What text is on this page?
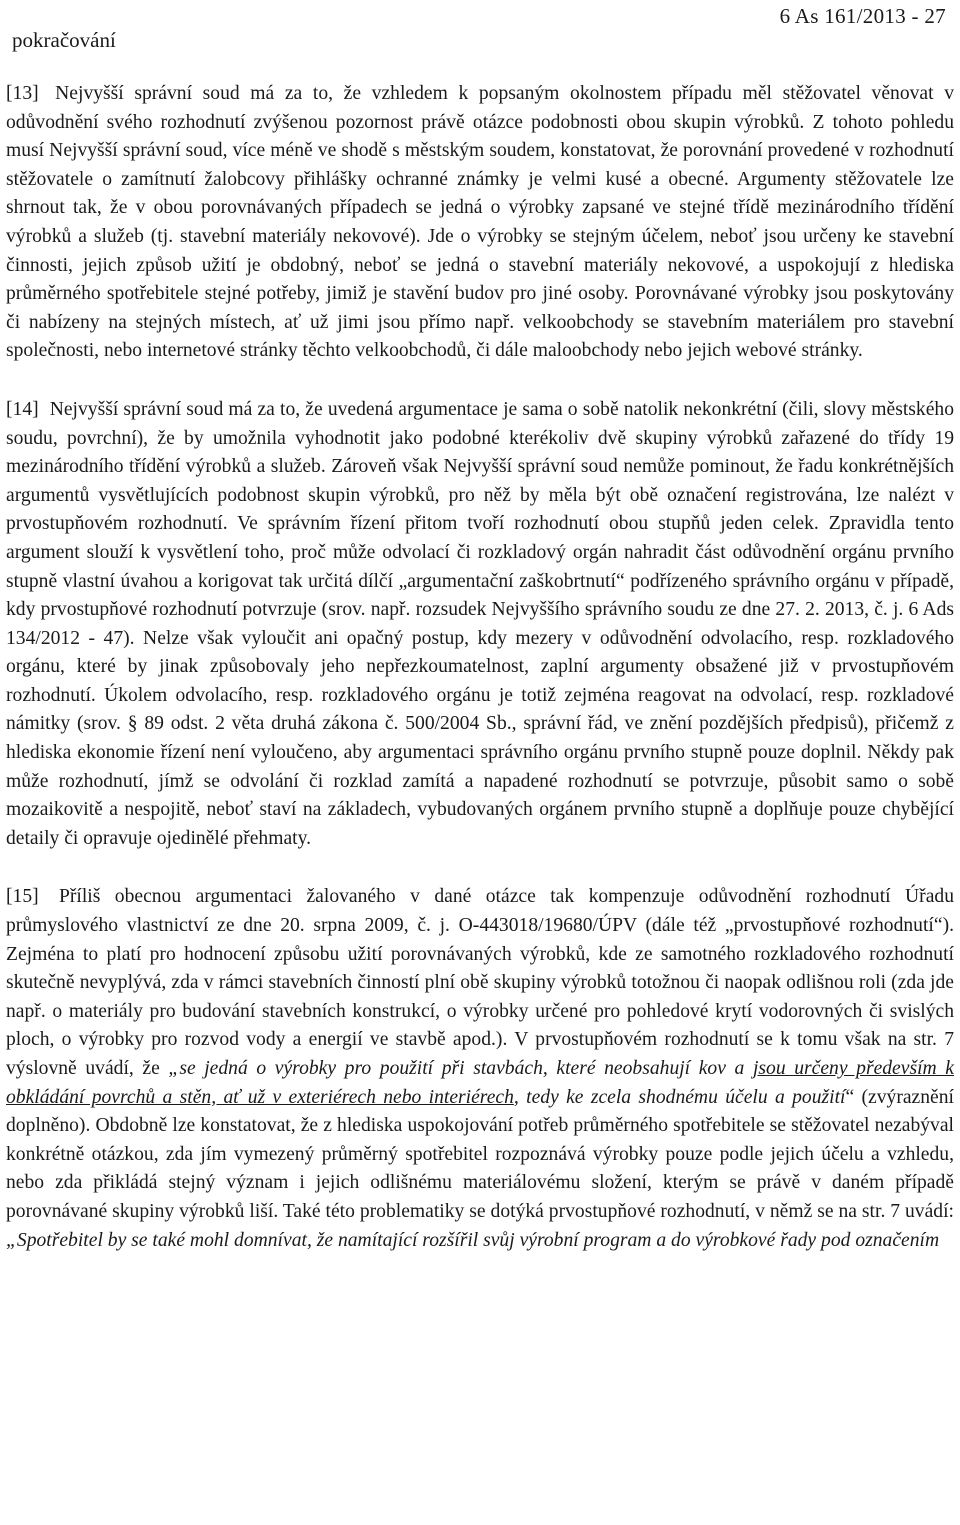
pokračování
6 As 161/2013 - 27

[13] Nejvyšší správní soud má za to, že vzhledem k popsaným okolnostem případu měl stěžovatel věnovat v odůvodnění svého rozhodnutí zvýšenou pozornost právě otázce podobnosti obou skupin výrobků. Z tohoto pohledu musí Nejvyšší správní soud, více méně ve shodě s městským soudem, konstatovat, že porovnání provedené v rozhodnutí stěžovatele o zamítnutí žalobcovy přihlášky ochranné známky je velmi kusé a obecné. Argumenty stěžovatele lze shrnout tak, že v obou porovnávaných případech se jedná o výrobky zapsané ve stejné třídě mezinárodního třídění výrobků a služeb (tj. stavební materiály nekovové). Jde o výrobky se stejným účelem, neboť jsou určeny ke stavební činnosti, jejich způsob užití je obdobný, neboť se jedná o stavební materiály nekovové, a uspokojují z hlediska průměrného spotřebitele stejné potřeby, jimiž je stavění budov pro jiné osoby. Porovnávané výrobky jsou poskytovány či nabízeny na stejných místech, ať už jimi jsou přímo např. velkoobchody se stavebním materiálem pro stavební společnosti, nebo internetové stránky těchto velkoobchodů, či dále maloobchody nebo jejich webové stránky.

[14] Nejvyšší správní soud má za to, že uvedená argumentace je sama o sobě natolik nekonkrétní (čili, slovy městského soudu, povrchní), že by umožnila vyhodnotit jako podobné kterékoliv dvě skupiny výrobků zařazené do třídy 19 mezinárodního třídění výrobků a služeb. Zároveň však Nejvyšší správní soud nemůže pominout, že řadu konkrétnějších argumentů vysvětlujících podobnost skupin výrobků, pro něž by měla být obě označení registrována, lze nalézt v prvostupňovém rozhodnutí. Ve správním řízení přitom tvoří rozhodnutí obou stupňů jeden celek. Zpravidla tento argument slouží k vysvětlení toho, proč může odvolací či rozkladový orgán nahradit část odůvodnění orgánu prvního stupně vlastní úvahou a korigovat tak určitá dílčí „argumentační zaškobrtnutí“ podřízeného správního orgánu v případě, kdy prvostupňové rozhodnutí potvrzuje (srov. např. rozsudek Nejvyššího správního soudu ze dne 27. 2. 2013, č. j. 6 Ads 134/2012 - 47). Nelze však vyloučit ani opačný postup, kdy mezery v odůvodnění odvolacího, resp. rozkladového orgánu, které by jinak způsobovaly jeho nepřezkoumatelnost, zaplní argumenty obsažené již v prvostupňovém rozhodnutí. Úkolem odvolacího, resp. rozkladového orgánu je totiž zejména reagovat na odvolací, resp. rozkladové námitky (srov. § 89 odst. 2 věta druhá zákona č. 500/2004 Sb., správní řád, ve znění pozdějších předpisů), přičemž z hlediska ekonomie řízení není vyloučeno, aby argumentaci správního orgánu prvního stupně pouze doplnil. Někdy pak může rozhodnutí, jímž se odvolání či rozklad zamítá a napadené rozhodnutí se potvrzuje, působit samo o sobě mozaikovitě a nespojitě, neboť staví na základech, vybudovaných orgánem prvního stupně a doplňuje pouze chybějící detaily či opravuje ojedinělé přehmaty.

[15] Příliš obecnou argumentaci žalovaného v dané otázce tak kompenzuje odůvodnění rozhodnutí Úřadu průmyslového vlastnictví ze dne 20. srpna 2009, č. j. O-443018/19680/ÚPV (dále též „prvostupňové rozhodnutí“). Zejména to platí pro hodnocení způsobu užití porovnávaných výrobků, kde ze samotného rozkladového rozhodnutí skutečně nevyplývá, zda v rámci stavebních činností plní obě skupiny výrobků totožnou či naopak odlišnou roli (zda jde např. o materiály pro budování stavebních konstrukcí, o výrobky určené pro pohledové krytí vodorovných či svislých ploch, o výrobky pro rozvod vody a energií ve stavbě apod.). V prvostupňovém rozhodnutí se k tomu však na str. 7 výslovně uvádí, že „se jedná o výrobky pro použití při stavbách, které neobsahují kov a jsou určeny především k obkládání povrchů a stěn, ať už v exteriérech nebo interiérech, tedy ke zcela shodnému účelu a použití“ (zvýraznění doplněno). Obdobně lze konstatovat, že z hlediska uspokojování potřeb průměrného spotřebitele se stěžovatel nezabýval konkrétně otázkou, zda jím vymezený průměrný spotřebitel rozpoznává výrobky pouze podle jejich účelu a vzhledu, nebo zda přikládá stejný význam i jejich odlišnému materiálovému složení, kterým se právě v daném případě porovnávané skupiny výrobků liší. Také této problematiky se dotýká prvostupňové rozhodnutí, v němž se na str. 7 uvádí: „Spotřebitel by se také mohl domnívat, že namítající rozšířil svůj výrobní program a do výrobkové řady pod označením
